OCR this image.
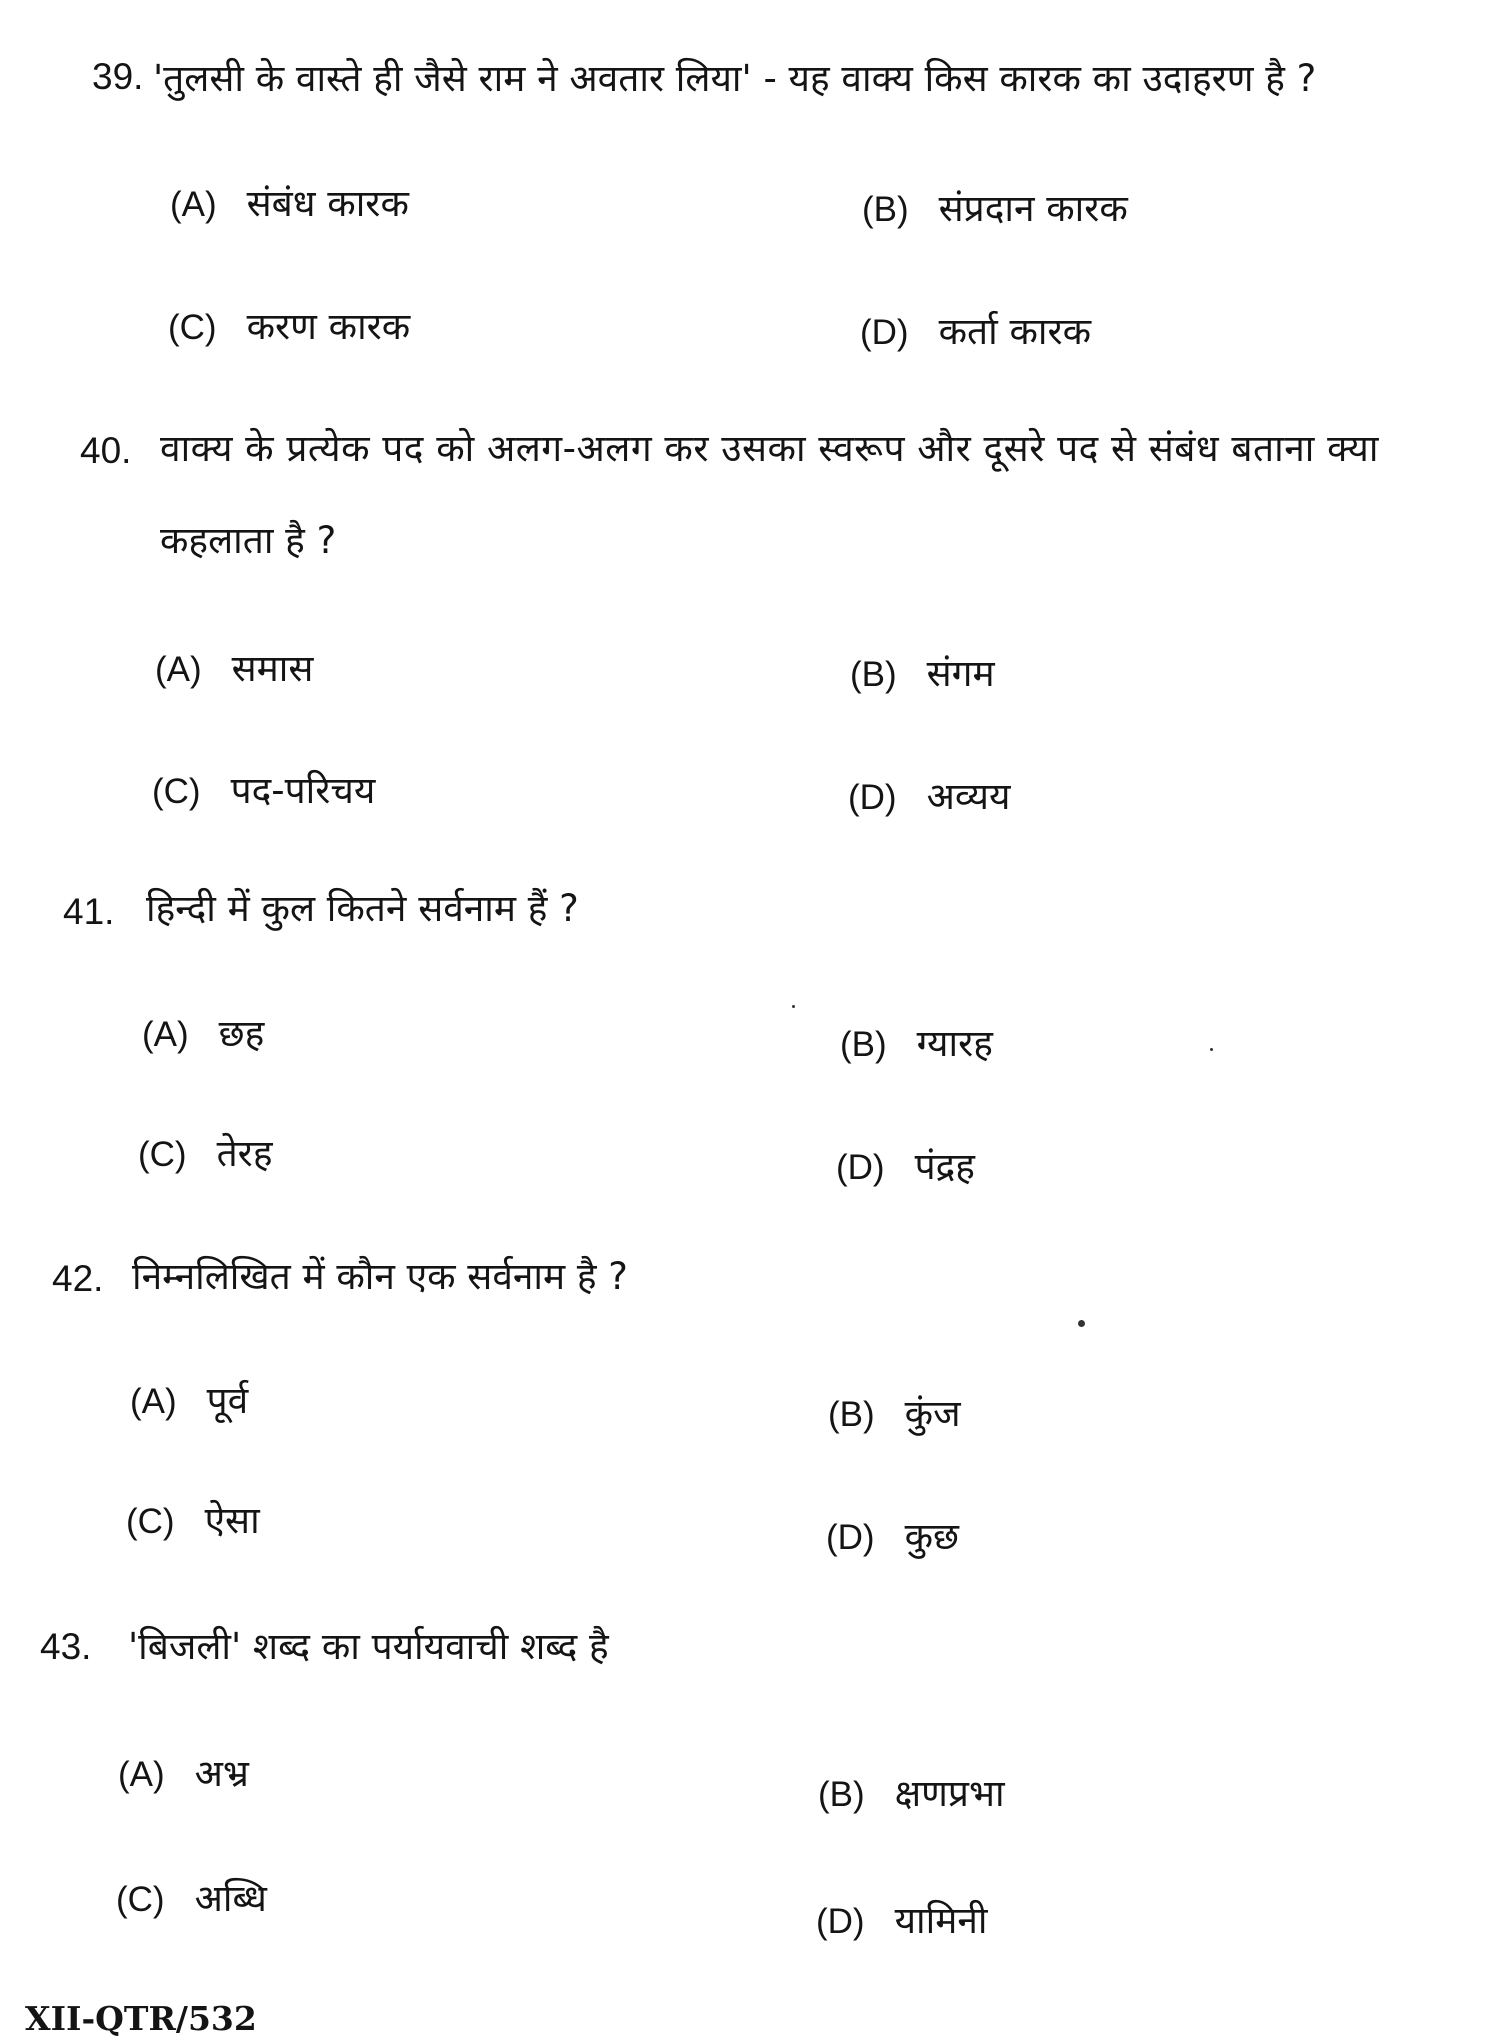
39. 'तुलसी के वास्ते ही जैसे राम ने अवतार लिया' - यह वाक्य किस कारक का उदाहरण है ?
(A) संबंध कारक	(B) संप्रदान कारक
(C) करण कारक	(D) कर्ता कारक
40. वाक्य के प्रत्येक पद को अलग-अलग कर उसका स्वरूप और दूसरे पद से संबंध बताना क्या
कहलाता है ?
(A) समास	(B) संगम
(C) पद-परिचय	(D) अव्यय
41. हिन्दी में कुल कितने सर्वनाम हैं ?
(A) छह	(B) ग्यारह
(C) तेरह	(D) पंद्रह
42. निम्नलिखित में कौन एक सर्वनाम है ?
(A) पूर्व	(B) कुंज
(C) ऐसा	(D) कुछ
43. 'बिजली' शब्द का पर्यायवाची शब्द है
(A) अभ्र	(B) क्षणप्रभा
(C) अब्धि
(D) यामिनी
XII-QTR/532
